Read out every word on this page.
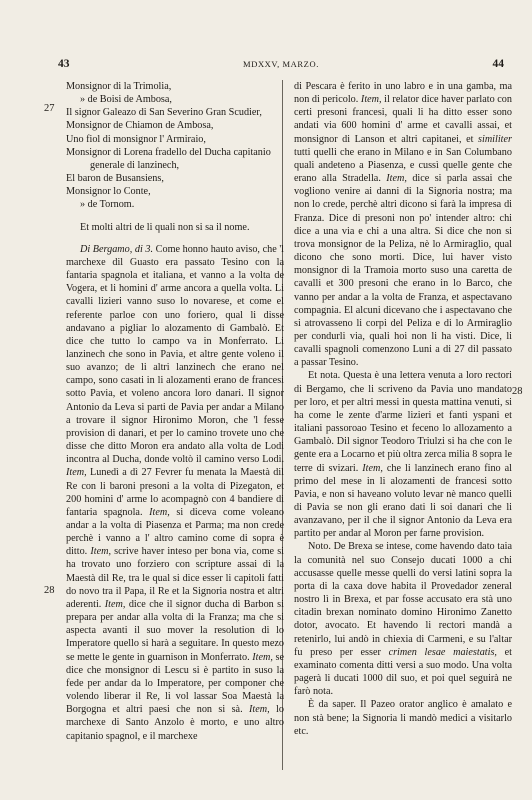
43	MDXXV, MARZO.	44
27
28
28

Monsignor di la Trimolia,

» de Boisi de Ambosa,

Il signor Galeazo di San Severino Gran Scudier,

Monsignor de Chiamon de Ambosa,

Uno fiol di monsignor l' Armiraio,

Monsignor di Lorena fradello del Ducha capitanio

generale di lanzinech,

El baron de Busansiens,

Monsignor lo Conte,

» de Tornom.

Et molti altri de li quali non si sa il nome.

Di Bergamo, di 3. Come honno hauto aviso, che 'l marchexe dil Guasto era passato Tesino con la fantaria spagnola et italiana, et vanno a la volta de Vogera, et li homini d' arme ancora a quella volta. Li cavalli lizieri vanno suso lo novarese, et come el referente parloe con uno foriero, qual li disse andavano a pigliar lo alozamento di Gambalò. Et dice che tutto lo campo va in Monferrato. Li lanzinech che sono in Pavia, et altre gente voleno il suo avanzo; de li altri lanzinech che erano nel campo, sono casati in li alozamenti erano de francesi sotto Pavia, et voleno ancora loro danari. Il signor Antonio da Leva si parti de Pavia per andar a Milano a trovare il signor Hironimo Moron, che 'l fesse provision di danari, et per lo camino trovete uno che disse che ditto Moron era andato alla volta de Lodi incontra al Ducha, donde voltò il camino verso Lodi. Item, Lunedì a dì 27 Fevrer fu menata la Maestà dil Re con li baroni presoni a la volta di Pizegaton, et 200 homini d' arme lo acompagnò con 4 bandiere di fantaria spagnola. Item, si diceva come voleano andar a la volta di Piasenza et Parma; ma non crede perchè i vanno a l' altro camino come di sopra è ditto. Item, scrive haver inteso per bona via, come si ha trovato uno forziero con scripture assai di la Maestà dil Re, tra le qual si dice esser li capitoli fatti do novo tra il Papa, il Re et la Signoria nostra et altri aderenti. Item, dice che il signor ducha di Barbon si prepara per andar alla volta di la Franza; ma che si aspecta avanti il suo mover la resolution di lo Imperatore quello si harà a seguitare. In questo mezo se mette le gente in guarnison in Monferrato. Item, se dice che monsignor di Lescu si è partito in suso la fede per andar da lo Imperatore, per componer che volendo liberar il Re, li vol lassar Soa Maestà la Borgogna et altri paesi che non si sà. Item, lo marchexe di Santo Anzolo è morto, e uno altro capitanio spagnol, e il marchexe

di Pescara è ferito in uno labro e in una gamba, ma non di pericolo. Item, il relator dice haver parlato con certi presoni francesi, quali li ha ditto esser sono andati via 600 homini d' arme et cavalli assai, et monsignor di Lanson et altri capitanei, et similiter tutti quelli che erano in Milano e in San Columbano quali andeteno a Piasenza, e cussì quelle gente che erano alla Stradella. Item, dice si parla assai che vogliono venire ai danni di la Signoria nostra; ma non lo crede, perchè altri dicono si farà la impresa di Franza. Dice di presoni non po' intender altro: chi dice a una via e chi a una altra. Si dice che non si trova monsignor de la Peliza, nè lo Armiraglio, qual dicono che sono morti. Dice, lui haver visto monsignor di la Tramoia morto suso una caretta de cavalli et 300 presoni che erano in lo Barco, che vanno per andar a la volta de Franza, et aspectavano compagnia. El alcuni dicevano che i aspectavano che si atrovasseno li corpi del Peliza e di lo Armiraglio per condurli via, quali hoi non li ha visti. Dice, li cavalli spagnoli comenzono Luni a di 27 dil passato a passar Tesino.

Et nota. Questa è una lettera venuta a loro rectori di Bergamo, che li scriveno da Pavia uno mandato per loro, et per altri messi in questa mattina venuti, si ha come le zente d'arme lizieri et fanti yspani et italiani passoroao Tesino et feceno lo allozamento a Gambalò. Dil signor Teodoro Triulzi si ha che con le gente era a Locarno et più oltra zerca milia 8 sopra le terre di svizari. Item, che li lanzinech erano fino al primo del mese in li alozamenti de francesi sotto Pavia, e non si haveano voluto levar nè manco quelli di Pavia se non gli erano dati li soi danari che li avanzavano, per il che il signor Antonio da Leva era partito per andar al Moron per farne provision.

Noto. De Brexa se intese, come havendo dato taia la comunità nel suo Consejo ducati 1000 a chi accusasse quelle messe quelli do versi latini sopra la porta di la caxa dove habita il Provedador zeneral nostro lì in Brexa, et par fosse accusato era stà uno citadin brexan nominato domino Hironimo Zanetto dotor, avocato. Et havendo li rectori mandà a retenirlo, lui andò in chiexia di Carmeni, e su l'altar fu preso per esser crimen lesae maiestatis, et examinato comenta ditti versi a suo modo. Una volta pagerà li ducati 1000 dil suo, et poi quel seguirà ne farò nota.

È da saper. Il Pazeo orator anglico è amalato e non stà bene; la Signoria li mandò medici a visitarlo etc.
